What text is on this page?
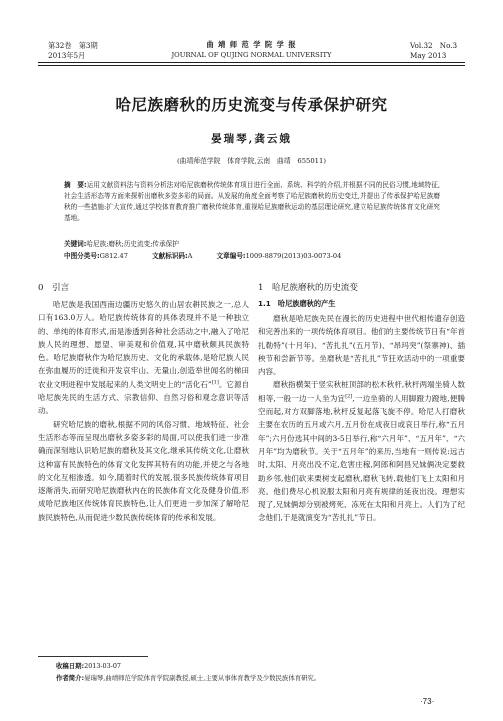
第32卷　第3期
2013年5月
曲 靖 师 范 学 院 学 报
JOURNAL OF QUJING NORMAL UNIVERSITY
Vol.32　No.3
May 2013
哈尼族磨秋的历史流变与传承保护研究
晏瑞琴,龚云娥
(曲靖师范学院　体育学院,云南　曲靖　655011)
摘　要:运用文献资料法与资料分析法对哈尼族磨秋传统体育项目进行全面、系统、科学的介绍,并根据不同的民俗习惯,地域特征,社会生活形态等方面来探析出磨秋多姿多彩的局面。从发展的角度全面考察了哈尼族磨秋的历史变迁,并提出了传承保护哈尼族磨秋的一些措施:扩大宣传,通过学校体育教育推广磨秋传统体育,重视哈尼族磨秋运动的基层理论研究,建立哈尼族传统体育文化研究基地。
关键词:哈尼族;磨秋;历史流变;传承保护
中图分类号:G812.47	文献标识码:A	文章编号:1009-8879(2013)03-0073-04
0　引言

哈尼族是我国西南边疆历史悠久的山居农耕民族之一,总人口有163.0万人。哈尼族传统体育的具体表现并不是一种独立的、单纯的体育形式,而是渗透到各种社会活动之中,融入了哈尼族人民的理想、愿望、审美观和价值观,其中磨秋颇具民族特色。哈尼族磨秋作为哈尼族历史、文化的承载体,是哈尼族人民在弥血履历的迁徙和开发哀牢山、无量山,创造举世闻名的梯田农业文明进程中发展起来的人类文明史上的“活化石”[1]。它源自哈尼族先民的生活方式、宗教信仰、自然习俗和观念意识等活动。

研究哈尼族的磨秋,根据不同的风俗习惯、地域特征、社会生活形态等而呈现出磨秋多姿多彩的局面,可以使我们进一步准确而深刻地认识哈尼族的磨秋及其文化,继承其传统文化,让磨秋这种富有民族特色的体育文化发挥其特有的功能,并使之与各地的文化互相渗透。如今,随着时代的发展,很多民族传统体育项目逐渐消失,而研究哈尼族磨秋内在的民族体育文化及健身价值,形成哈尼族地区传统体育民族特色,让人们更进一步加深了解哈尼族民族特色,从而促进少数民族传统体育的传承和发展。

1　哈尼族磨秋的历史流变
1.1　哈尼族磨秋的产生

磨秋是哈尼族先民在漫长的历史进程中世代相传遗存创造和完善出来的一项传统体育项目。他们的主要传统节日有“年首扎勒特”(十月年)、“苦扎扎”(五月节)、“昂玛突”(祭寨神)、插秧节和尝新节等。坐磨秋是“苦扎扎”节狂欢活动中的一项重要内容。

磨秋指横架于竖实秋桩顶部的松木秋杆,秋杆两端坐骑人数相等,一般一边一人坐为宜[2],一边坐骑的人用脚蹬力蹬地,便腾空而起,对方双脚落地,秋杆反复起落飞旋不停。哈尼人打磨秋主要在农历的五月或六月,五月份在成夜日或哀日举行,称“五月年”;六月份选其中间的3-5日举行,称“六月年”、“五月年”、“六月年”均为磨秋节。关于“五月年”的来历,当地有一则传说:远古时,太阳、月亮出没不定,危害庄稼,阿郎和阿昌兄妹俩决定要救助乡邻,他们砍来栗树支起磨秋,磨秋飞转,载他们飞上太阳和月亮。他们费尽心机说服太阳和月亮有规律的延夜出没。理想实现了,兄妹俩却分别被烤死、冻死在太阳和月亮上。人们为了纪念他们,于是就演变为“苦扎扎”节日。

收稿日期:2013-03-07
作者简介:晏瑞琴,曲靖师范学院体育学院副教授,硕士,主要从事体育教学及少数民族体育研究。
·73·
